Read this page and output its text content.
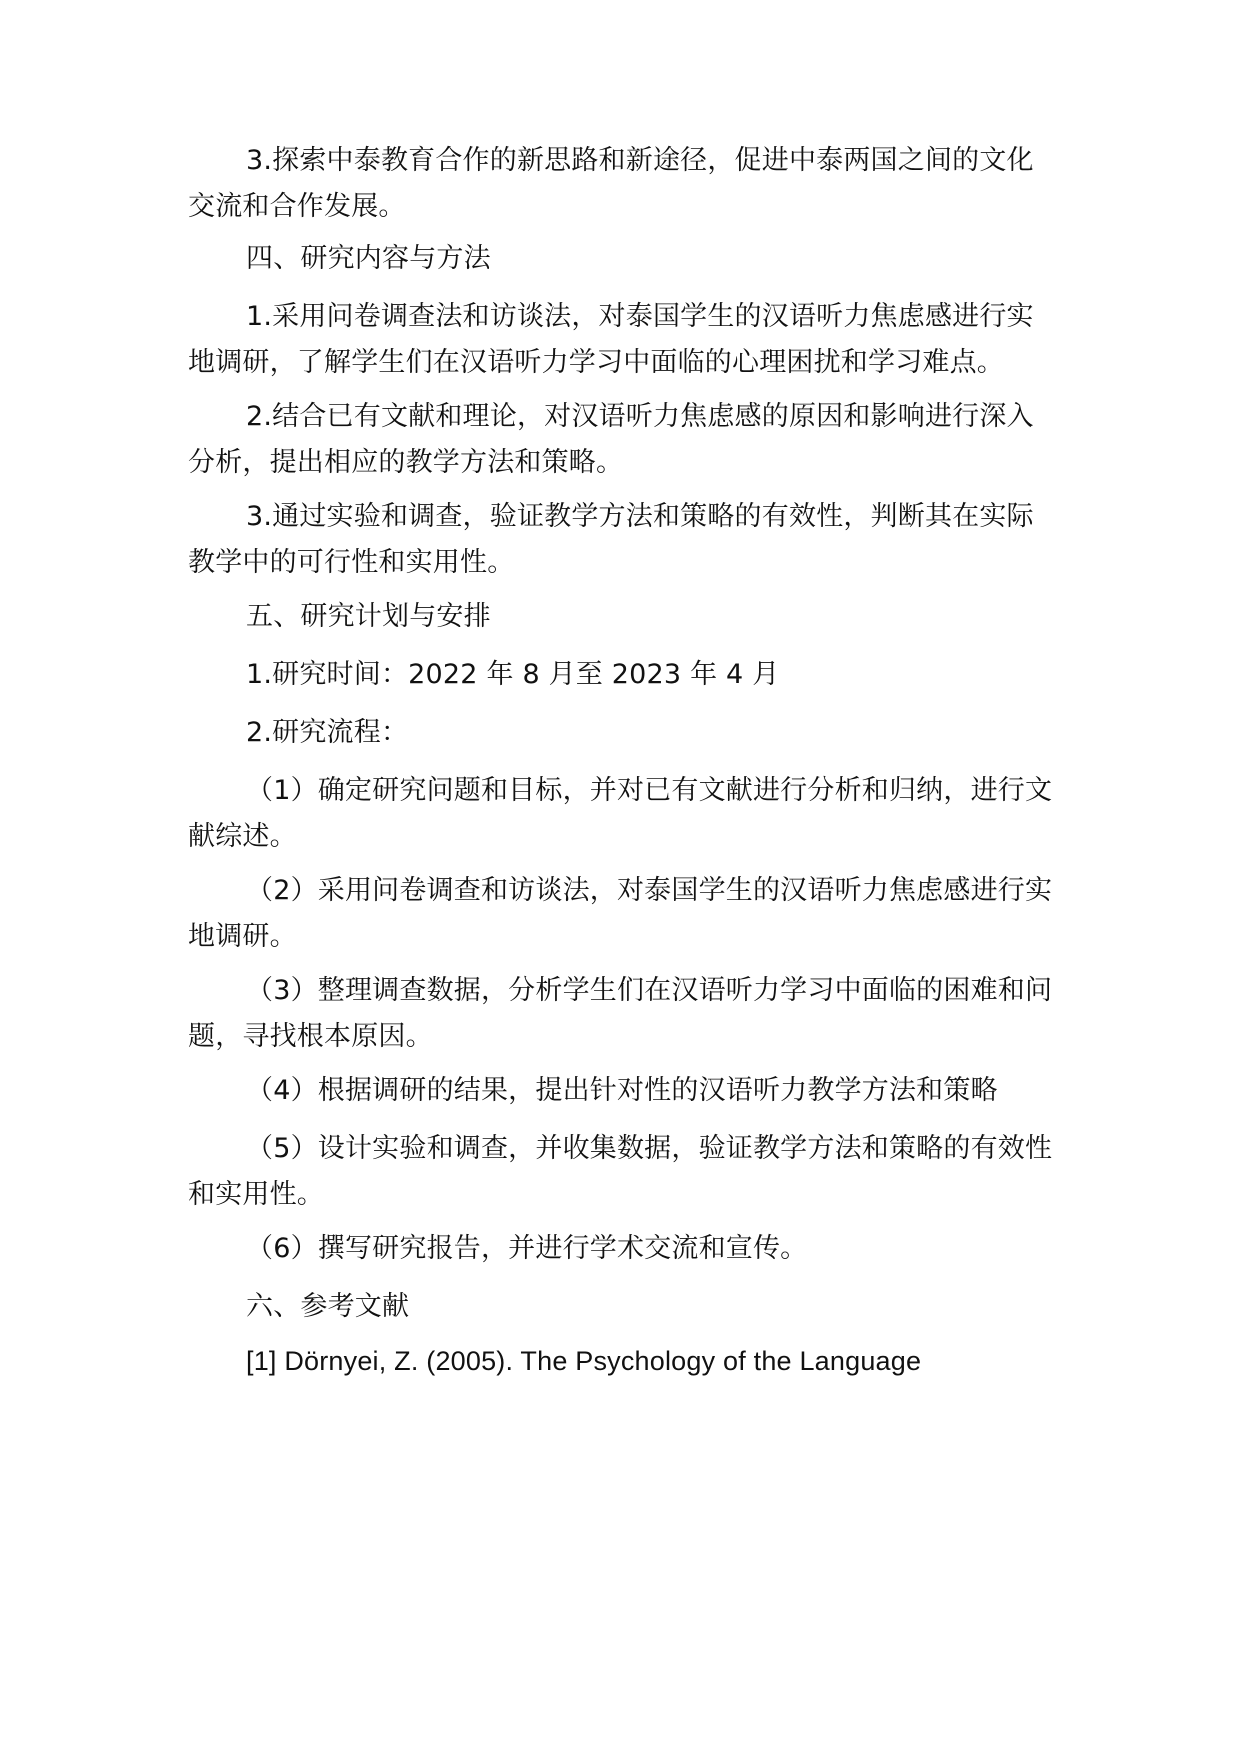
3.探索中泰教育合作的新思路和新途径，促进中泰两国之间的文化交流和合作发展。

四、研究内容与方法

1.采用问卷调查法和访谈法，对泰国学生的汉语听力焦虑感进行实地调研，了解学生们在汉语听力学习中面临的心理困扰和学习难点。

2.结合已有文献和理论，对汉语听力焦虑感的原因和影响进行深入分析，提出相应的教学方法和策略。

3.通过实验和调查，验证教学方法和策略的有效性，判断其在实际教学中的可行性和实用性。

五、研究计划与安排

1.研究时间：2022 年 8 月至 2023 年 4 月

2.研究流程：

（1）确定研究问题和目标，并对已有文献进行分析和归纳，进行文献综述。

（2）采用问卷调查和访谈法，对泰国学生的汉语听力焦虑感进行实地调研。

（3）整理调查数据，分析学生们在汉语听力学习中面临的困难和问题，寻找根本原因。

（4）根据调研的结果，提出针对性的汉语听力教学方法和策略

（5）设计实验和调查，并收集数据，验证教学方法和策略的有效性和实用性。

（6）撰写研究报告，并进行学术交流和宣传。

六、参考文献

[1] Dörnyei, Z. (2005). The Psychology of the Language
